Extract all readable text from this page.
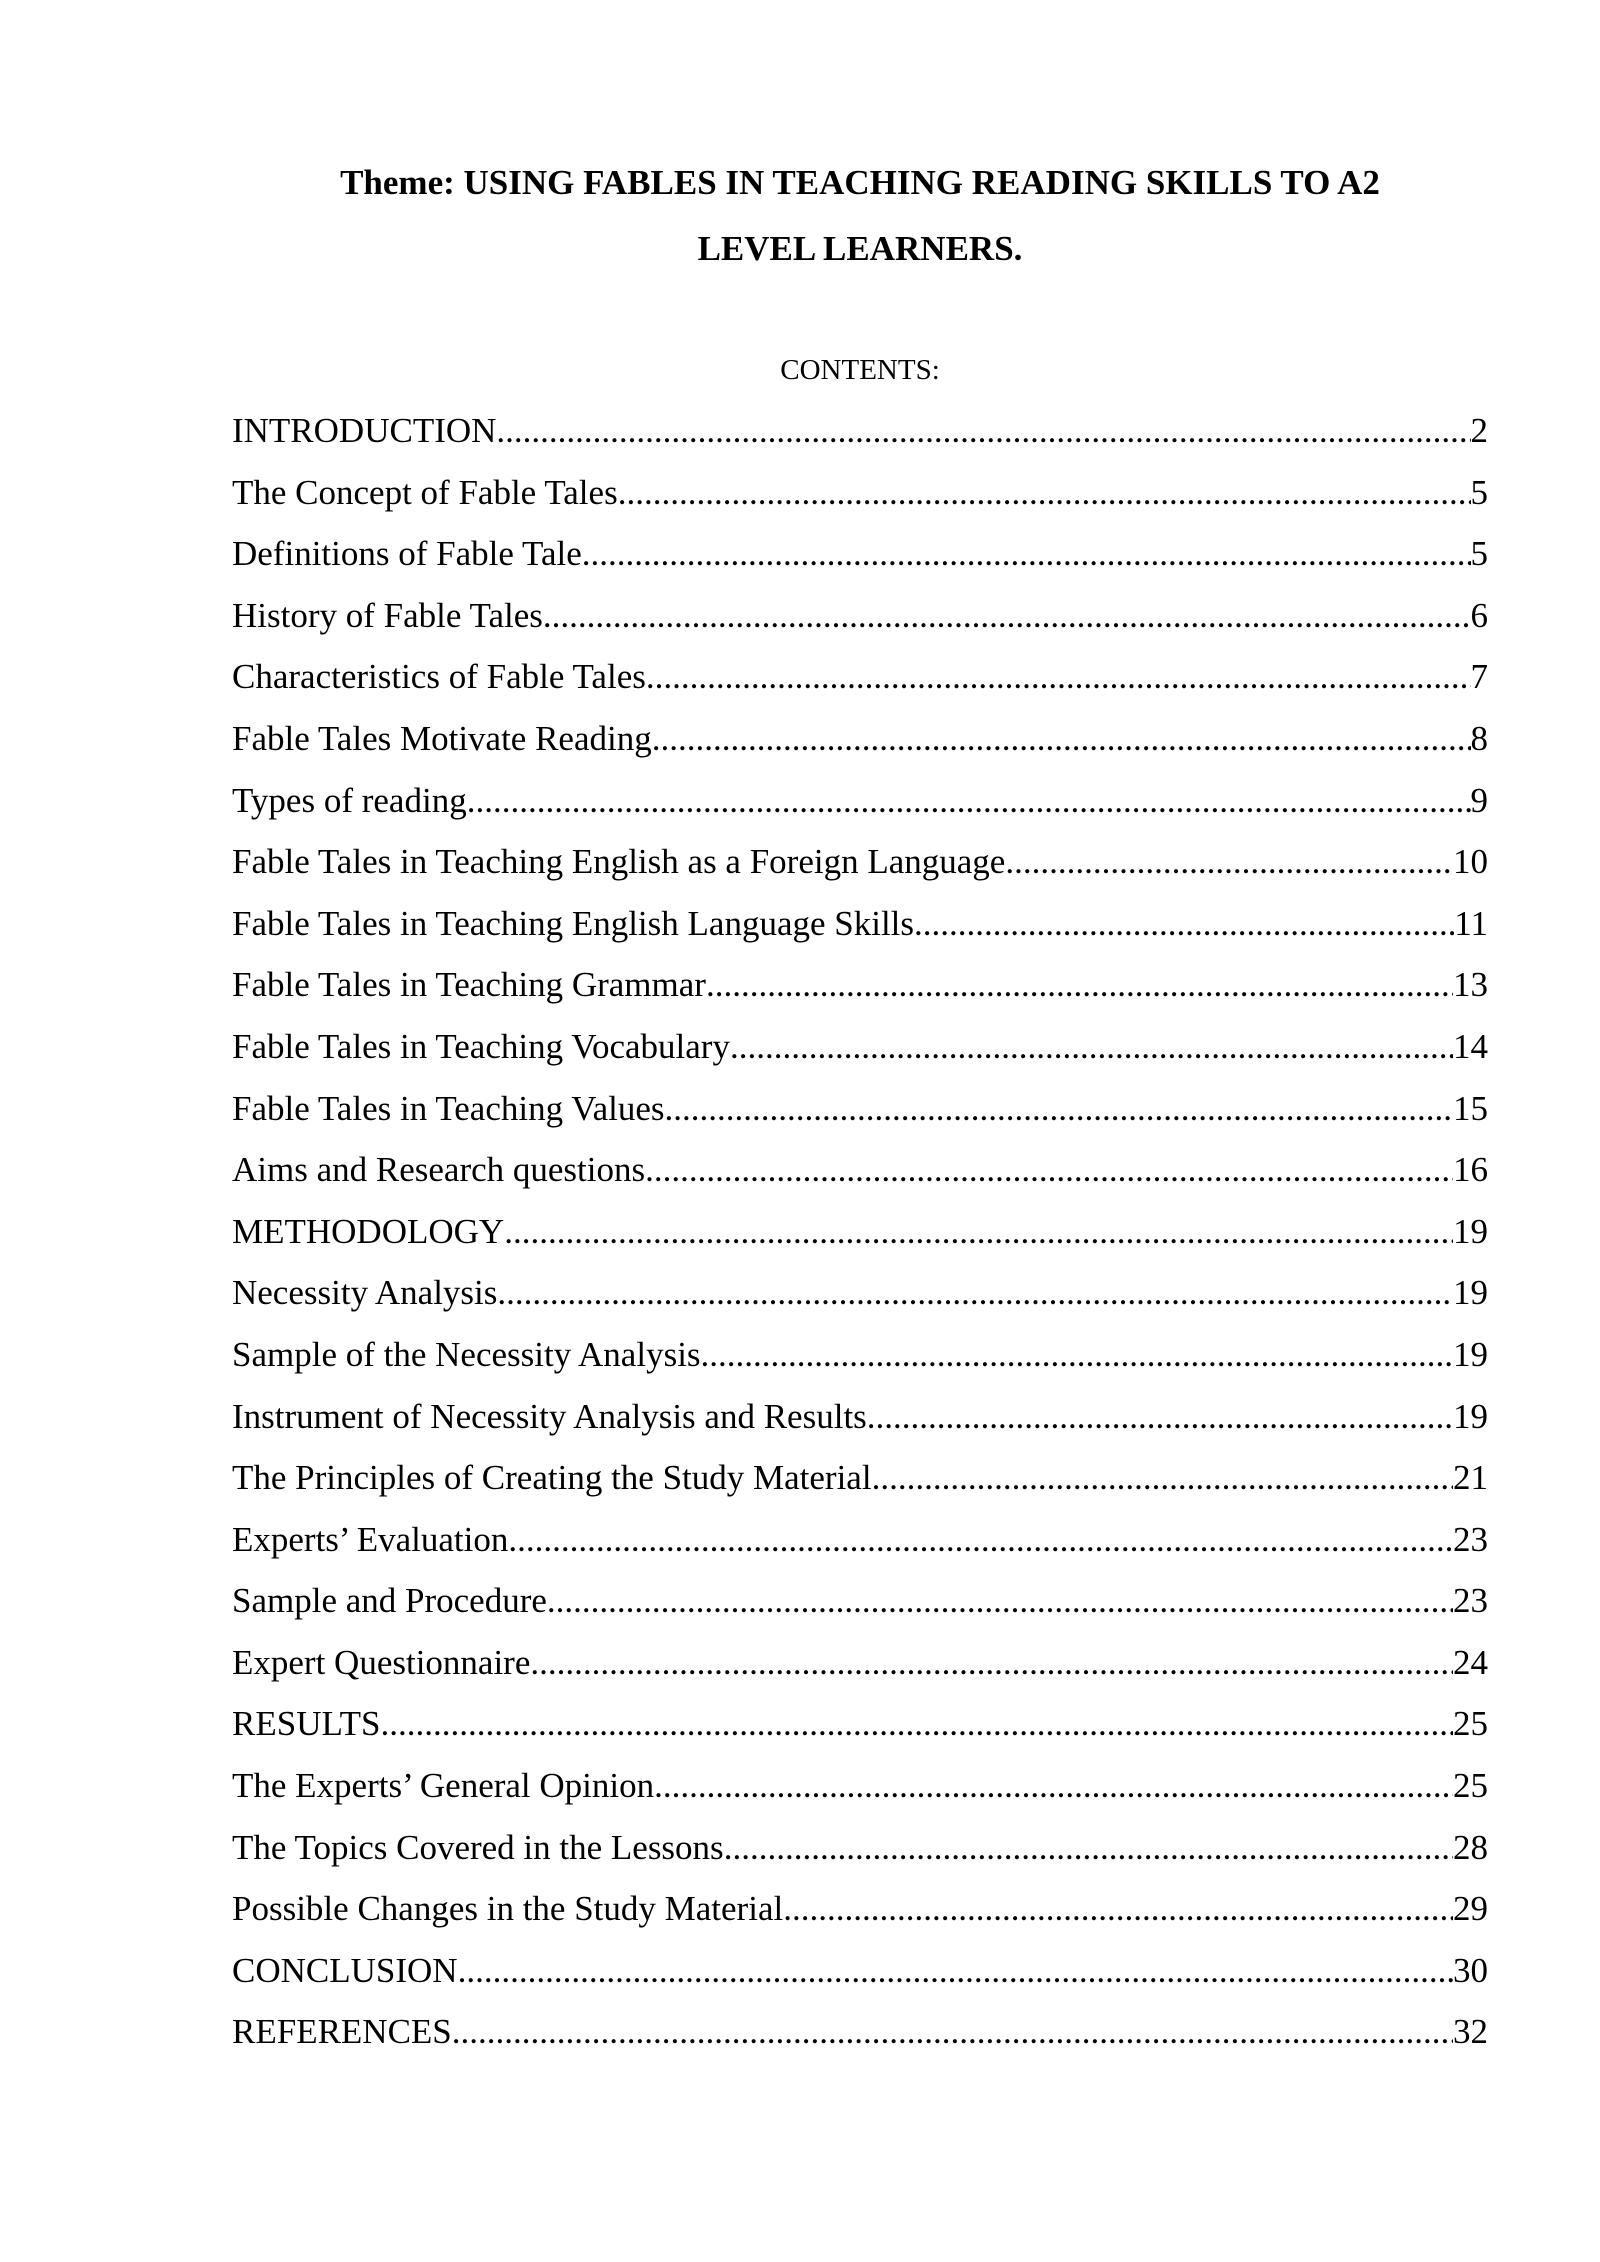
Theme: USING FABLES IN TEACHING READING SKILLS TO A2
LEVEL LEARNERS.
CONTENTS:
INTRODUCTION .....	2
The Concept of Fable Tales .....	5
Definitions of Fable Tale .....	5
History of Fable Tales .....	6
Characteristics of Fable Tales .....	7
Fable Tales Motivate Reading .....	8
Types of reading .....	9
Fable Tales in Teaching English as a Foreign Language .....	10
Fable Tales in Teaching English Language Skills .....	11
Fable Tales in Teaching Grammar .....	13
Fable Tales in Teaching Vocabulary .....	14
Fable Tales in Teaching Values .....	15
Aims and Research questions .....	16
METHODOLOGY .....	19
Necessity Analysis .....	19
Sample of the Necessity Analysis .....	19
Instrument of Necessity Analysis and Results .....	19
The Principles of Creating the Study Material .....	21
Experts’ Evaluation .....	23
Sample and Procedure .....	23
Expert Questionnaire .....	24
RESULTS .....	25
The Experts’ General Opinion .....	25
The Topics Covered in the Lessons .....	28
Possible Changes in the Study Material .....	29
CONCLUSION .....	30
REFERENCES .....	32
